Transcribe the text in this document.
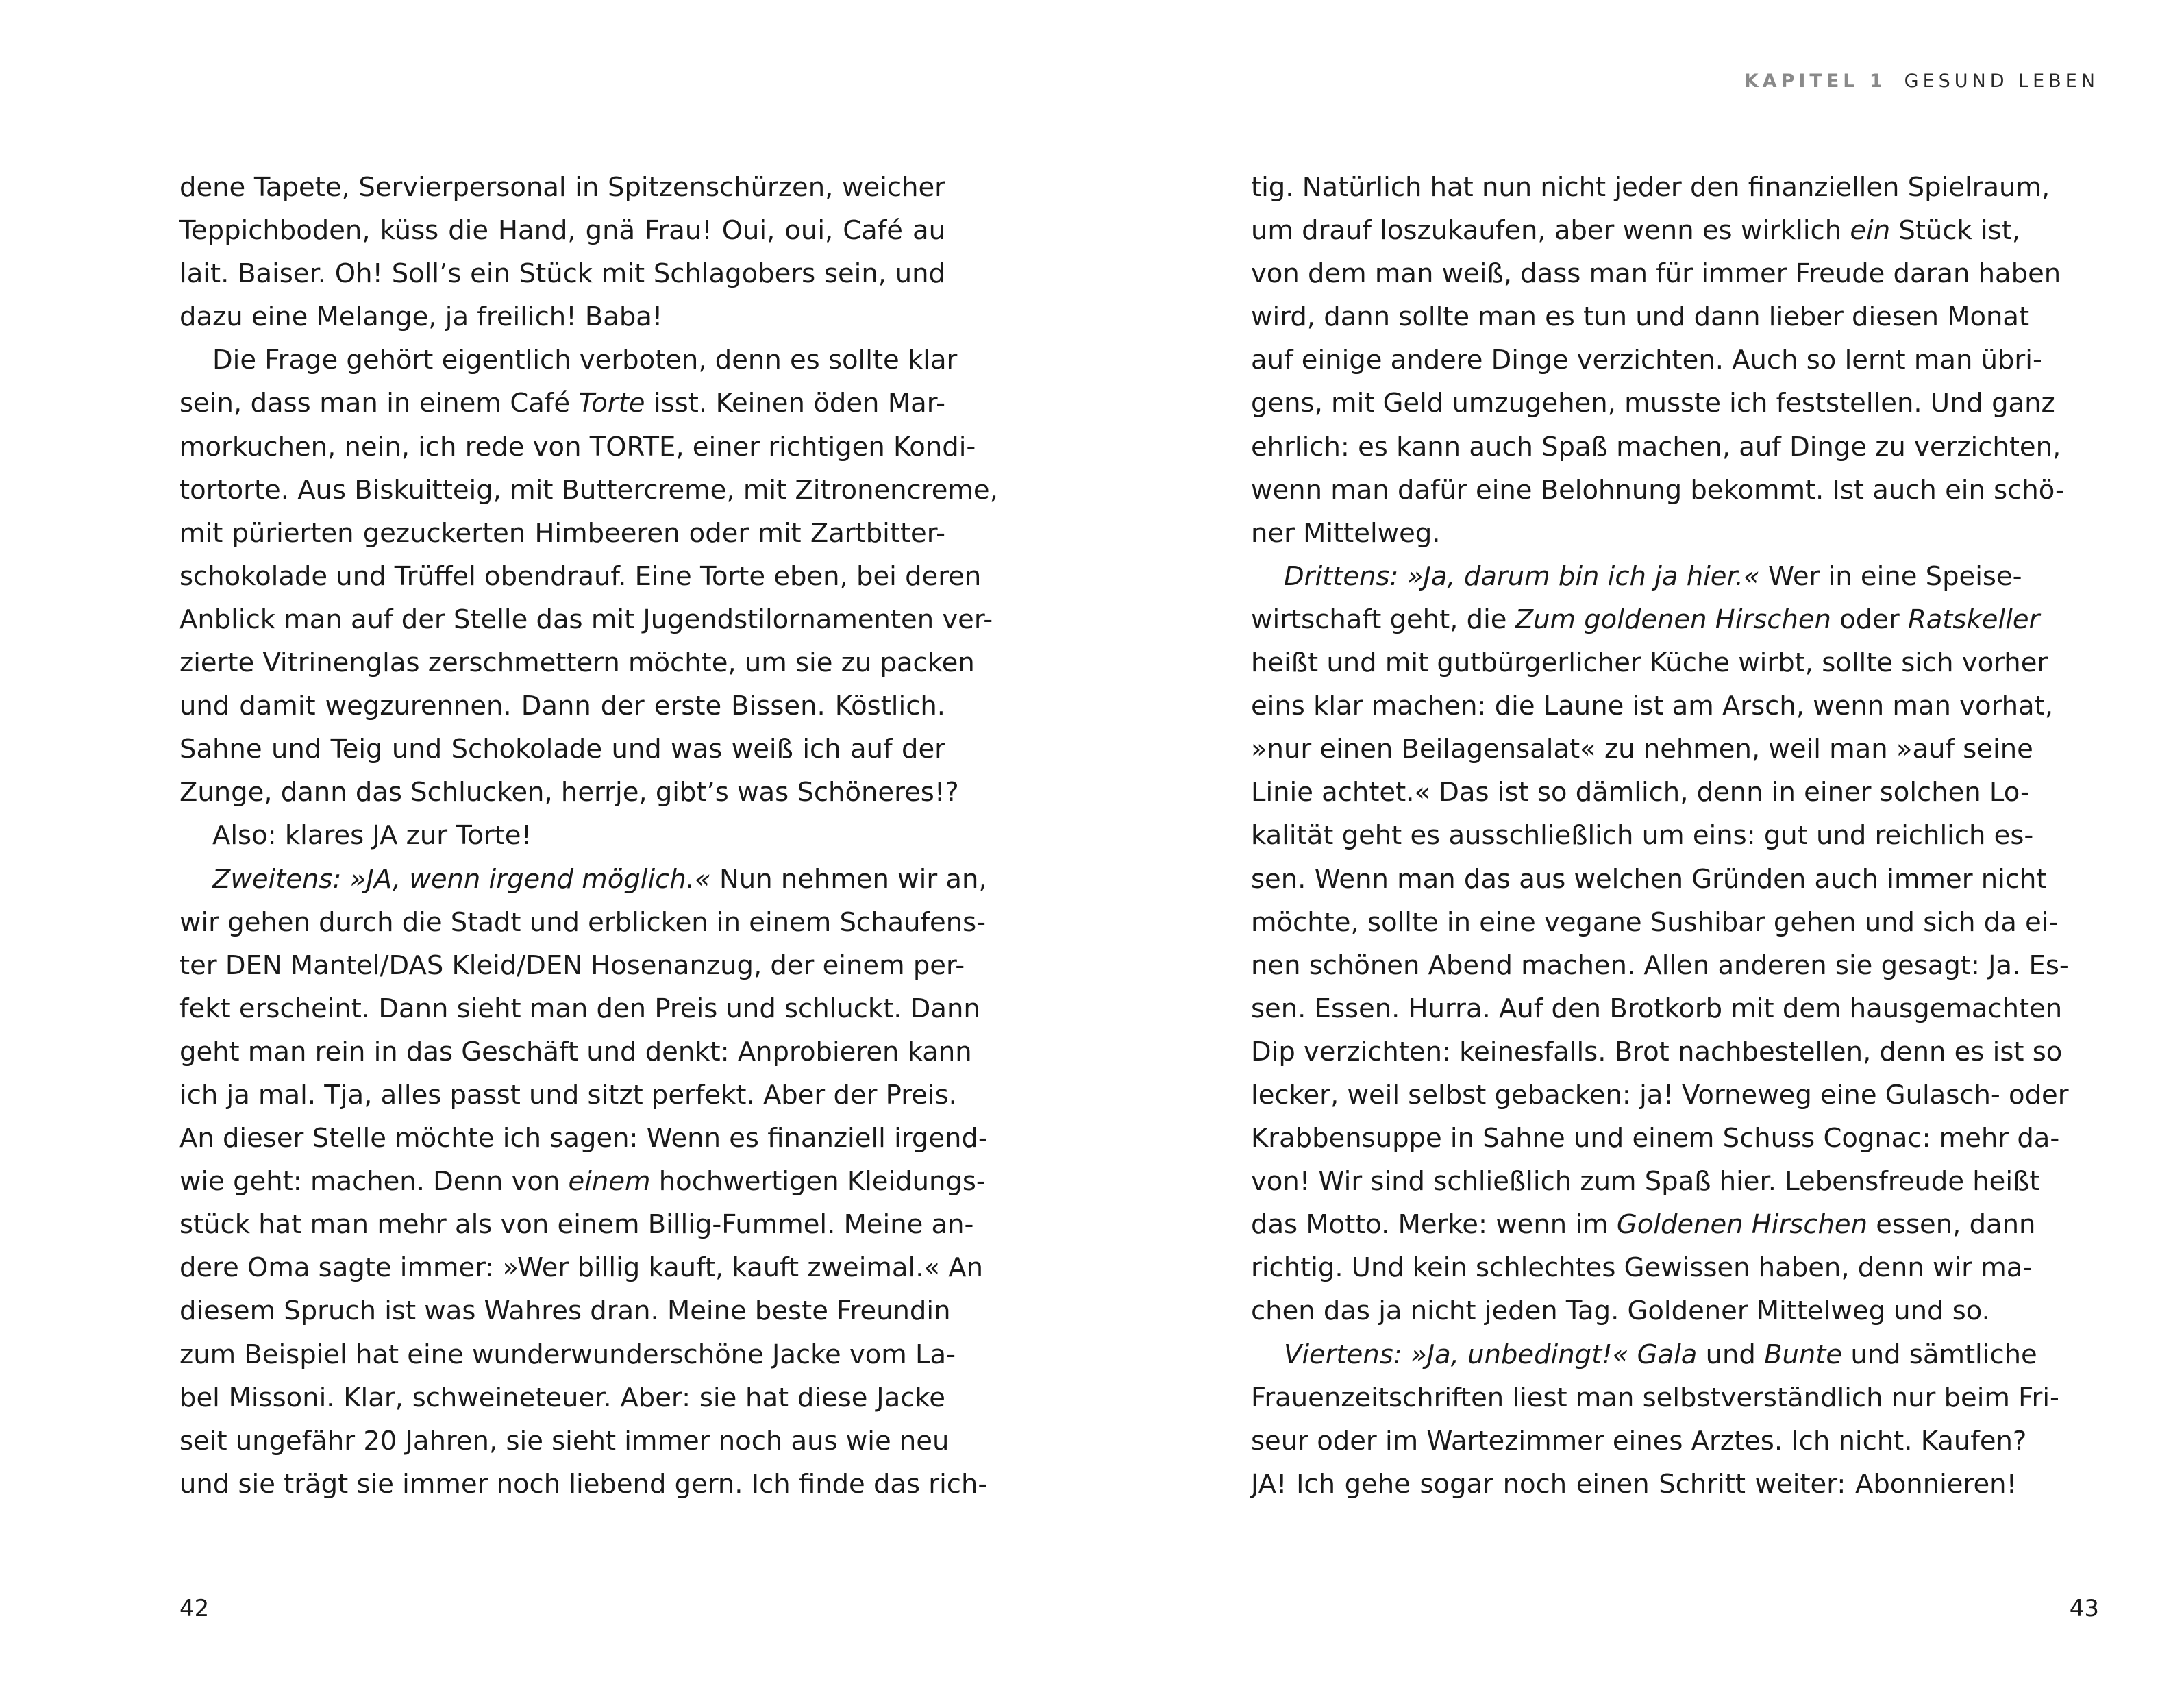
dene Tapete, Servierpersonal in Spitzenschürzen, weicher
Teppichboden, küss die Hand, gnä Frau! Oui, oui, Café au
lait. Baiser. Oh! Soll’s ein Stück mit Schlagobers sein, und
dazu eine Melange, ja freilich! Baba!
Die Frage gehört eigentlich verboten, denn es sollte klar
sein, dass man in einem Café Torte isst. Keinen öden Mar-
morkuchen, nein, ich rede von TORTE, einer richtigen Kondi-
tortorte. Aus Biskuitteig, mit Buttercreme, mit Zitronencreme,
mit pürierten gezuckerten Himbeeren oder mit Zartbitter-
schokolade und Trüffel obendrauf. Eine Torte eben, bei deren
Anblick man auf der Stelle das mit Jugendstilornamenten ver-
zierte Vitrinenglas zerschmettern möchte, um sie zu packen
und damit wegzurennen. Dann der erste Bissen. Köstlich.
Sahne und Teig und Schokolade und was weiß ich auf der
Zunge, dann das Schlucken, herrje, gibt’s was Schöneres!?
Also: klares JA zur Torte!
Zweitens: »JA, wenn irgend möglich.« Nun nehmen wir an,
wir gehen durch die Stadt und erblicken in einem Schaufens-
ter DEN Mantel/DAS Kleid/DEN Hosenanzug, der einem per-
fekt erscheint. Dann sieht man den Preis und schluckt. Dann
geht man rein in das Geschäft und denkt: Anprobieren kann
ich ja mal. Tja, alles passt und sitzt perfekt. Aber der Preis.
An dieser Stelle möchte ich sagen: Wenn es finanziell irgend-
wie geht: machen. Denn von einem hochwertigen Kleidungs-
stück hat man mehr als von einem Billig-Fummel. Meine an-
dere Oma sagte immer: »Wer billig kauft, kauft zweimal.« An
diesem Spruch ist was Wahres dran. Meine beste Freundin
zum Beispiel hat eine wunderwunderschöne Jacke vom La-
bel Missoni. Klar, schweineteuer. Aber: sie hat diese Jacke
seit ungefähr 20 Jahren, sie sieht immer noch aus wie neu
und sie trägt sie immer noch liebend gern. Ich finde das rich-
42
KAPITEL 1 GESUND LEBEN
tig. Natürlich hat nun nicht jeder den finanziellen Spielraum,
um drauf loszukaufen, aber wenn es wirklich ein Stück ist,
von dem man weiß, dass man für immer Freude daran haben
wird, dann sollte man es tun und dann lieber diesen Monat
auf einige andere Dinge verzichten. Auch so lernt man übri-
gens, mit Geld umzugehen, musste ich feststellen. Und ganz
ehrlich: es kann auch Spaß machen, auf Dinge zu verzichten,
wenn man dafür eine Belohnung bekommt. Ist auch ein schö-
ner Mittelweg.
Drittens: »Ja, darum bin ich ja hier.« Wer in eine Speise-
wirtschaft geht, die Zum goldenen Hirschen oder Ratskeller
heißt und mit gutbürgerlicher Küche wirbt, sollte sich vorher
eins klar machen: die Laune ist am Arsch, wenn man vorhat,
»nur einen Beilagensalat« zu nehmen, weil man »auf seine
Linie achtet.« Das ist so dämlich, denn in einer solchen Lo-
kalität geht es ausschließlich um eins: gut und reichlich es-
sen. Wenn man das aus welchen Gründen auch immer nicht
möchte, sollte in eine vegane Sushibar gehen und sich da ei-
nen schönen Abend machen. Allen anderen sie gesagt: Ja. Es-
sen. Essen. Hurra. Auf den Brotkorb mit dem hausgemachten
Dip verzichten: keinesfalls. Brot nachbestellen, denn es ist so
lecker, weil selbst gebacken: ja! Vorneweg eine Gulasch- oder
Krabbensuppe in Sahne und einem Schuss Cognac: mehr da-
von! Wir sind schließlich zum Spaß hier. Lebensfreude heißt
das Motto. Merke: wenn im Goldenen Hirschen essen, dann
richtig. Und kein schlechtes Gewissen haben, denn wir ma-
chen das ja nicht jeden Tag. Goldener Mittelweg und so.
Viertens: »Ja, unbedingt!« Gala und Bunte und sämtliche
Frauenzeitschriften liest man selbstverständlich nur beim Fri-
seur oder im Wartezimmer eines Arztes. Ich nicht. Kaufen?
JA! Ich gehe sogar noch einen Schritt weiter: Abonnieren!
43
